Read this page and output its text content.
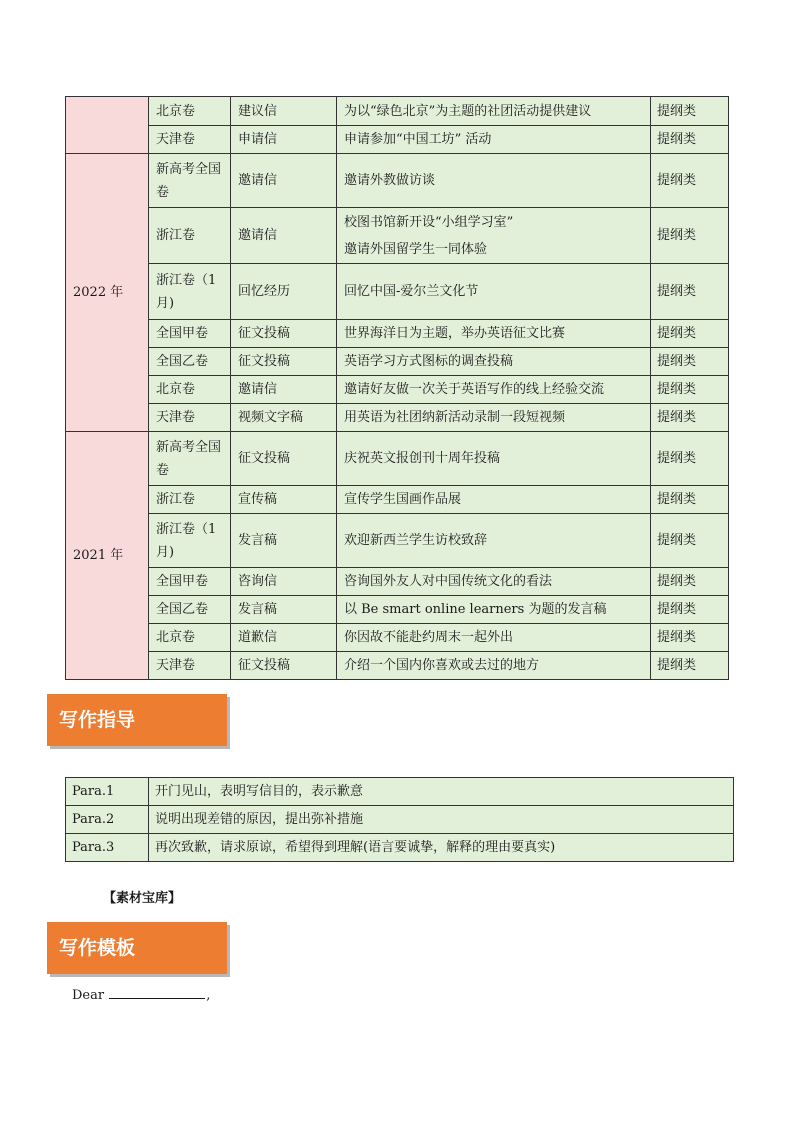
	北京卷	建议信	为以“绿色北京”为主题的社团活动提供建议	提纲类
	天津卷	申请信	申请参加“中国工坊” 活动	提纲类
2022 年	新高考全国卷	邀请信	邀请外教做访谈	提纲类
	浙江卷	邀请信	校图书馆新开设“小组学习室”
邀请外国留学生一同体验	提纲类
	浙江卷（1月)	回忆经历	回忆中国-爱尔兰文化节	提纲类
	全国甲卷	征文投稿	世界海洋日为主题，举办英语征文比赛	提纲类
	全国乙卷	征文投稿	英语学习方式图标的调查投稿	提纲类
	北京卷	邀请信	邀请好友做一次关于英语写作的线上经验交流	提纲类
	天津卷	视频文字稿	用英语为社团纳新活动录制一段短视频	提纲类
2021 年	新高考全国卷	征文投稿	庆祝英文报创刊十周年投稿	提纲类
	浙江卷	宣传稿	宣传学生国画作品展	提纲类
	浙江卷（1月)	发言稿	欢迎新西兰学生访校致辞	提纲类
	全国甲卷	咨询信	咨询国外友人对中国传统文化的看法	提纲类
	全国乙卷	发言稿	以 Be smart online learners 为题的发言稿	提纲类
	北京卷	道歉信	你因故不能赴约周末一起外出	提纲类
	天津卷	征文投稿	介绍一个国内你喜欢或去过的地方	提纲类
写作指导
Para.1	开门见山，表明写信目的，表示歉意
Para.2	说明出现差错的原因，提出弥补措施
Para.3	再次致歉，请求原谅，希望得到理解(语言要诚挚，解释的理由要真实)
【素材宝库】
写作模板
Dear	,
